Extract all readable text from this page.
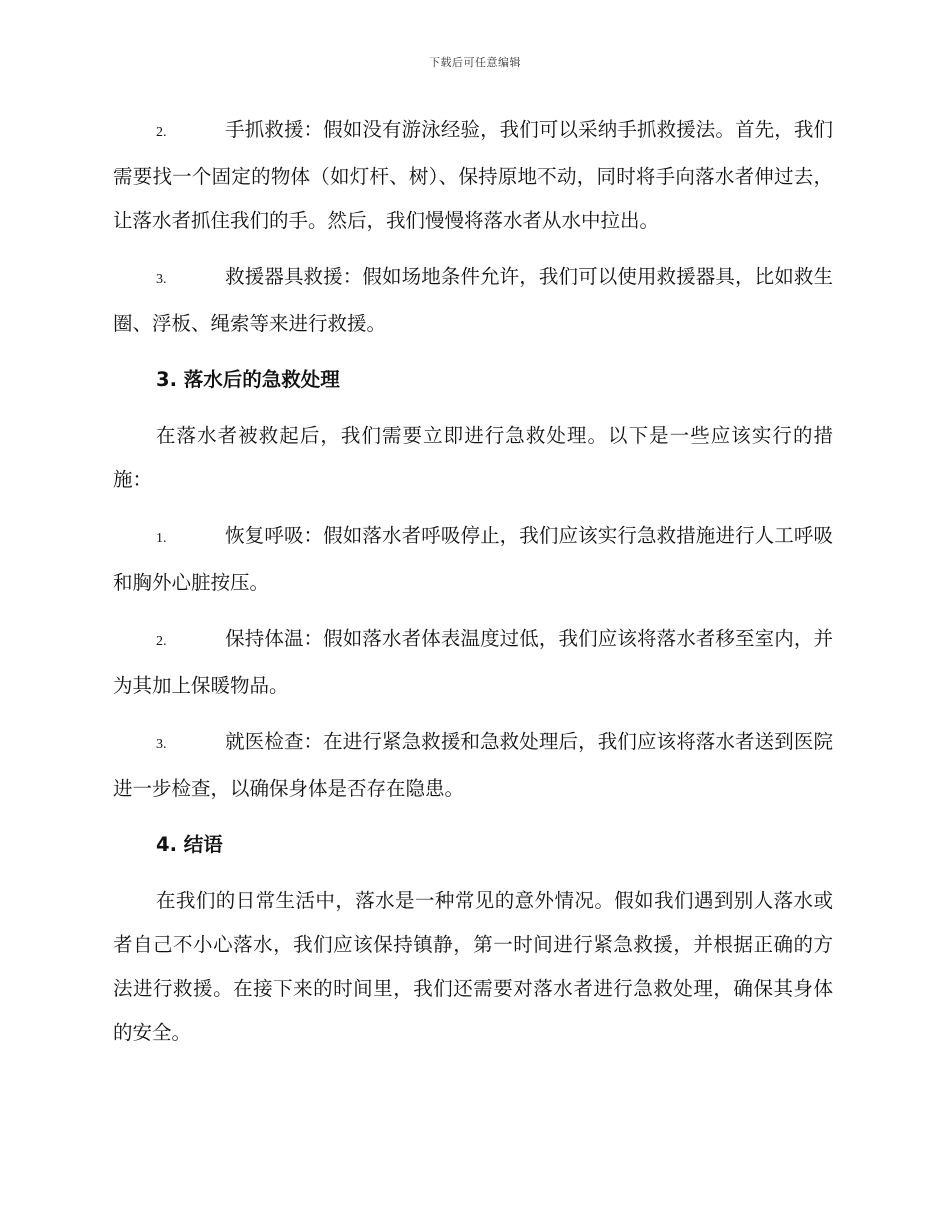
下载后可任意编辑

2.	手抓救援：假如没有游泳经验，我们可以采纳手抓救援法。首先，我们需要找一个固定的物体（如灯杆、树）、保持原地不动，同时将手向落水者伸过去，让落水者抓住我们的手。然后，我们慢慢将落水者从水中拉出。

3.	救援器具救援：假如场地条件允许，我们可以使用救援器具，比如救生圈、浮板、绳索等来进行救援。

3. 落水后的急救处理

在落水者被救起后，我们需要立即进行急救处理。以下是一些应该实行的措施：

1.	恢复呼吸：假如落水者呼吸停止，我们应该实行急救措施进行人工呼吸和胸外心脏按压。

2.	保持体温：假如落水者体表温度过低，我们应该将落水者移至室内，并为其加上保暖物品。

3.	就医检查：在进行紧急救援和急救处理后，我们应该将落水者送到医院进一步检查，以确保身体是否存在隐患。

4. 结语

在我们的日常生活中，落水是一种常见的意外情况。假如我们遇到别人落水或者自己不小心落水，我们应该保持镇静，第一时间进行紧急救援，并根据正确的方法进行救援。在接下来的时间里，我们还需要对落水者进行急救处理，确保其身体的安全。
